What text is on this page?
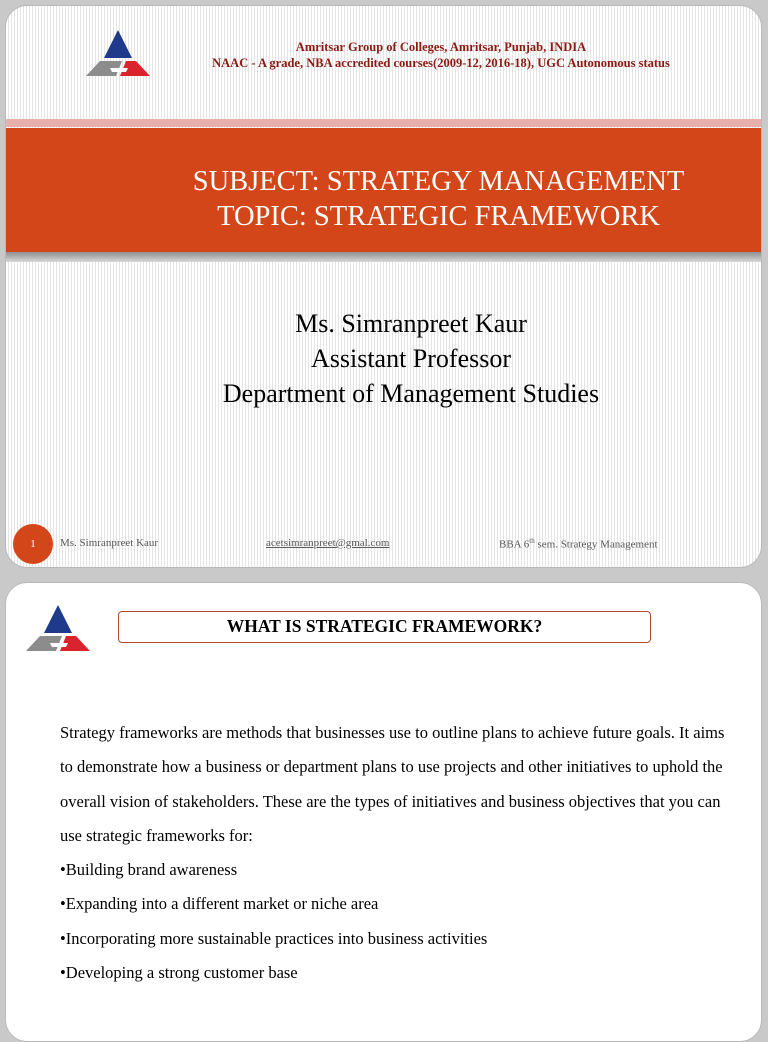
Amritsar Group of Colleges, Amritsar, Punjab, INDIA
NAAC - A grade, NBA accredited courses(2009-12, 2016-18), UGC Autonomous status
SUBJECT: STRATEGY MANAGEMENT
TOPIC: STRATEGIC FRAMEWORK
Ms. Simranpreet Kaur
Assistant Professor
Department of Management Studies
1	Ms. Simranpreet Kaur	acetsimranpreet@gmal.com	BBA 6th sem. Strategy Management
WHAT IS STRATEGIC FRAMEWORK?

Strategy frameworks are methods that businesses use to outline plans to achieve future goals. It aims to demonstrate how a business or department plans to use projects and other initiatives to uphold the overall vision of stakeholders. These are the types of initiatives and business objectives that you can use strategic frameworks for:

•Building brand awareness

•Expanding into a different market or niche area

•Incorporating more sustainable practices into business activities

•Developing a strong customer base
